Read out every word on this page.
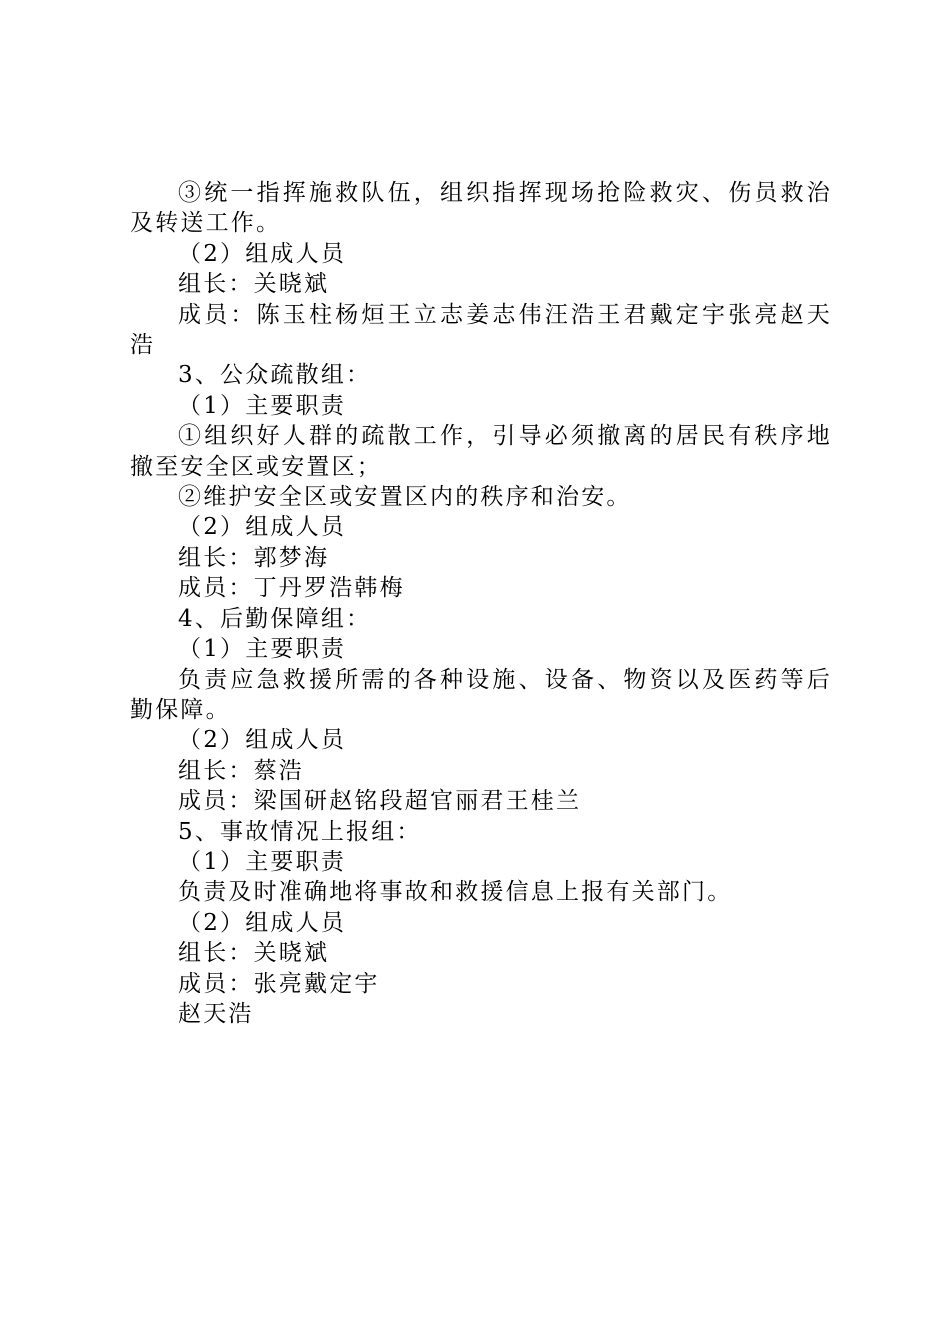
③统一指挥施救队伍，组织指挥现场抢险救灾、伤员救治及转送工作。

（2）组成人员

组长：关晓斌

成员：陈玉柱杨烜王立志姜志伟汪浩王君戴定宇张亮赵天浩

3、公众疏散组：

（1）主要职责

①组织好人群的疏散工作，引导必须撤离的居民有秩序地撤至安全区或安置区；

②维护安全区或安置区内的秩序和治安。

（2）组成人员

组长：郭梦海

成员：丁丹罗浩韩梅

4、后勤保障组：

（1）主要职责

负责应急救援所需的各种设施、设备、物资以及医药等后勤保障。

（2）组成人员

组长：蔡浩

成员：梁国研赵铭段超官丽君王桂兰

5、事故情况上报组：

（1）主要职责

负责及时准确地将事故和救援信息上报有关部门。

（2）组成人员

组长：关晓斌

成员：张亮戴定宇

赵天浩
